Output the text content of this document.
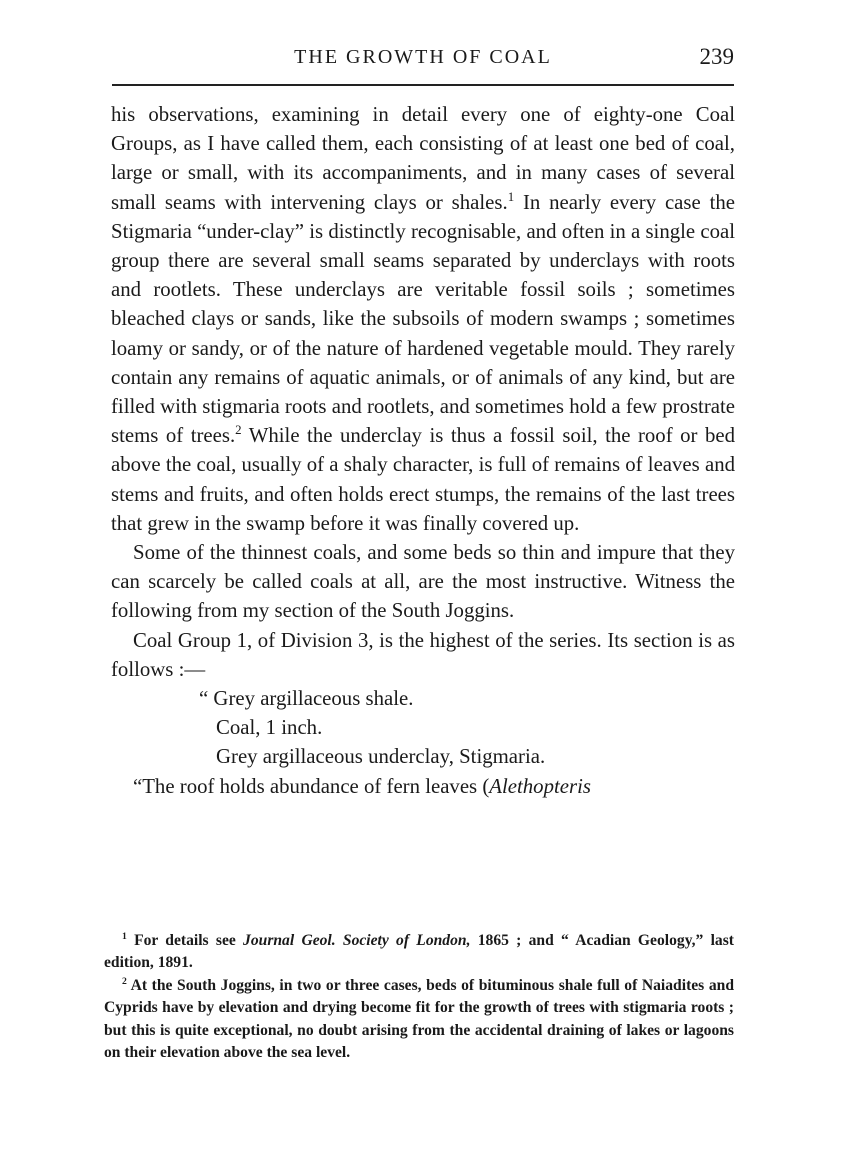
THE GROWTH OF COAL	239

his observations, examining in detail every one of eighty-one Coal Groups, as I have called them, each consisting of at least one bed of coal, large or small, with its accompaniments, and in many cases of several small seams with intervening clays or shales.$^1$ In nearly every case the Stigmaria “under-clay” is distinctly recognisable, and often in a single coal group there are several small seams separated by underclays with roots and rootlets. These underclays are veritable fossil soils ; sometimes bleached clays or sands, like the subsoils of modern swamps ; sometimes loamy or sandy, or of the nature of hardened vegetable mould. They rarely contain any remains of aquatic animals, or of animals of any kind, but are filled with stigmaria roots and rootlets, and sometimes hold a few prostrate stems of trees.$^2$ While the underclay is thus a fossil soil, the roof or bed above the coal, usually of a shaly character, is full of remains of leaves and stems and fruits, and often holds erect stumps, the remains of the last trees that grew in the swamp before it was finally covered up.

Some of the thinnest coals, and some beds so thin and impure that they can scarcely be called coals at all, are the most instructive. Witness the following from my section of the South Joggins.

Coal Group 1, of Division 3, is the highest of the series. Its section is as follows :—

“ Grey argillaceous shale.
Coal, 1 inch.
Grey argillaceous underclay, Stigmaria.

“The roof holds abundance of fern leaves (Alethopteris

$^1$ For details see Journal Geol. Society of London, 1865 ; and “ Acadian Geology,” last edition, 1891.

$^2$ At the South Joggins, in two or three cases, beds of bituminous shale full of Naiadites and Cyprids have by elevation and drying become fit for the growth of trees with stigmaria roots ; but this is quite exceptional, no doubt arising from the accidental draining of lakes or lagoons on their elevation above the sea level.
